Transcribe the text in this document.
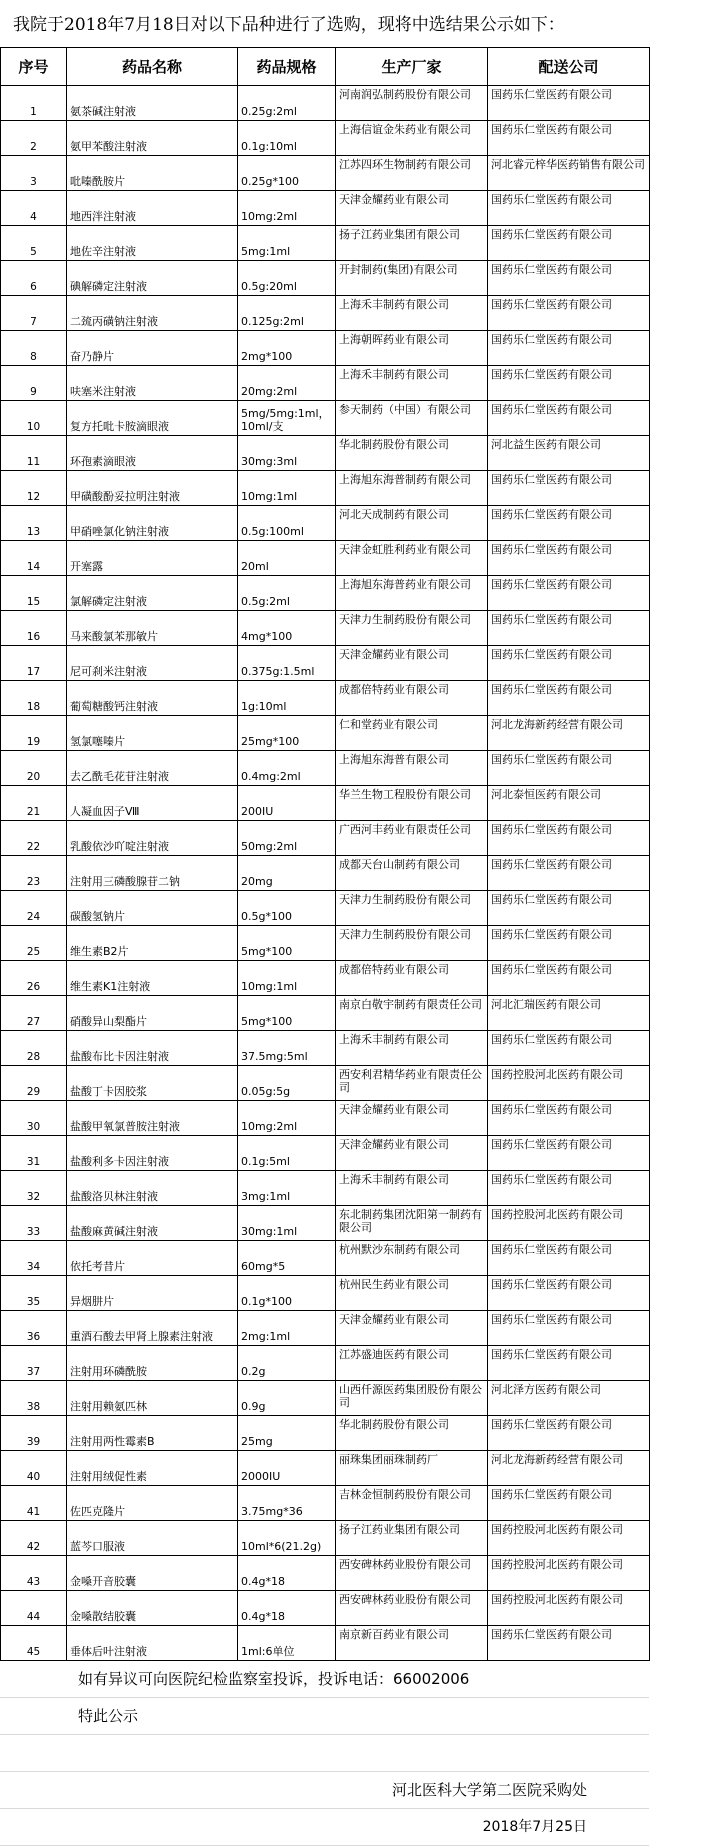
我院于2018年7月18日对以下品种进行了选购，现将中选结果公示如下：
序号	药品名称	药品规格	生产厂家	配送公司
1	氨茶碱注射液	0.25g:2ml	河南润弘制药股份有限公司	国药乐仁堂医药有限公司
2	氨甲苯酸注射液	0.1g:10ml	上海信谊金朱药业有限公司	国药乐仁堂医药有限公司
3	吡嗪酰胺片	0.25g*100	江苏四环生物制药有限公司	河北睿元梓华医药销售有限公司
4	地西泮注射液	10mg:2ml	天津金耀药业有限公司	国药乐仁堂医药有限公司
5	地佐辛注射液	5mg:1ml	扬子江药业集团有限公司	国药乐仁堂医药有限公司
6	碘解磷定注射液	0.5g:20ml	开封制药(集团)有限公司	国药乐仁堂医药有限公司
7	二巯丙磺钠注射液	0.125g:2ml	上海禾丰制药有限公司	国药乐仁堂医药有限公司
8	奋乃静片	2mg*100	上海朝晖药业有限公司	国药乐仁堂医药有限公司
9	呋塞米注射液	20mg:2ml	上海禾丰制药有限公司	国药乐仁堂医药有限公司
10	复方托吡卡胺滴眼液	5mg/5mg:1ml，10ml/支	参天制药（中国）有限公司	国药乐仁堂医药有限公司
11	环孢素滴眼液	30mg:3ml	华北制药股份有限公司	河北益生医药有限公司
12	甲磺酸酚妥拉明注射液	10mg:1ml	上海旭东海普制药有限公司	国药乐仁堂医药有限公司
13	甲硝唑氯化钠注射液	0.5g:100ml	河北天成制药有限公司	国药乐仁堂医药有限公司
14	开塞露	20ml	天津金虹胜利药业有限公司	国药乐仁堂医药有限公司
15	氯解磷定注射液	0.5g:2ml	上海旭东海普药业有限公司	国药乐仁堂医药有限公司
16	马来酸氯苯那敏片	4mg*100	天津力生制药股份有限公司	国药乐仁堂医药有限公司
17	尼可刹米注射液	0.375g:1.5ml	天津金耀药业有限公司	国药乐仁堂医药有限公司
18	葡萄糖酸钙注射液	1g:10ml	成都倍特药业有限公司	国药乐仁堂医药有限公司
19	氢氯噻嗪片	25mg*100	仁和堂药业有限公司	河北龙海新药经营有限公司
20	去乙酰毛花苷注射液	0.4mg:2ml	上海旭东海普有限公司	国药乐仁堂医药有限公司
21	人凝血因子Ⅷ	200IU	华兰生物工程股份有限公司	河北泰恒医药有限公司
22	乳酸依沙吖啶注射液	50mg:2ml	广西河丰药业有限责任公司	国药乐仁堂医药有限公司
23	注射用三磷酸腺苷二钠	20mg	成都天台山制药有限公司	国药乐仁堂医药有限公司
24	碳酸氢钠片	0.5g*100	天津力生制药股份有限公司	国药乐仁堂医药有限公司
25	维生素B2片	5mg*100	天津力生制药股份有限公司	国药乐仁堂医药有限公司
26	维生素K1注射液	10mg:1ml	成都倍特药业有限公司	国药乐仁堂医药有限公司
27	硝酸异山梨酯片	5mg*100	南京白敬宇制药有限责任公司	河北汇瑞医药有限公司
28	盐酸布比卡因注射液	37.5mg:5ml	上海禾丰制药有限公司	国药乐仁堂医药有限公司
29	盐酸丁卡因胶浆	0.05g:5g	西安利君精华药业有限责任公司	国药控股河北医药有限公司
30	盐酸甲氧氯普胺注射液	10mg:2ml	天津金耀药业有限公司	国药乐仁堂医药有限公司
31	盐酸利多卡因注射液	0.1g:5ml	天津金耀药业有限公司	国药乐仁堂医药有限公司
32	盐酸洛贝林注射液	3mg:1ml	上海禾丰制药有限公司	国药乐仁堂医药有限公司
33	盐酸麻黄碱注射液	30mg:1ml	东北制药集团沈阳第一制药有限公司	国药控股河北医药有限公司
34	依托考昔片	60mg*5	杭州默沙东制药有限公司	国药乐仁堂医药有限公司
35	异烟肼片	0.1g*100	杭州民生药业有限公司	国药乐仁堂医药有限公司
36	重酒石酸去甲肾上腺素注射液	2mg:1ml	天津金耀药业有限公司	国药乐仁堂医药有限公司
37	注射用环磷酰胺	0.2g	江苏盛迪医药有限公司	国药乐仁堂医药有限公司
38	注射用赖氨匹林	0.9g	山西仟源医药集团股份有限公司	河北泽方医药有限公司
39	注射用两性霉素B	25mg	华北制药股份有限公司	国药乐仁堂医药有限公司
40	注射用绒促性素	2000IU	丽珠集团丽珠制药厂	河北龙海新药经营有限公司
41	佐匹克隆片	3.75mg*36	吉林金恒制药股份有限公司	国药乐仁堂医药有限公司
42	蓝芩口服液	10ml*6(21.2g)	扬子江药业集团有限公司	国药控股河北医药有限公司
43	金嗓开音胶囊	0.4g*18	西安碑林药业股份有限公司	国药控股河北医药有限公司
44	金嗓散结胶囊	0.4g*18	西安碑林药业股份有限公司	国药控股河北医药有限公司
45	垂体后叶注射液	1ml:6单位	南京新百药业有限公司	国药乐仁堂医药有限公司
如有异议可向医院纪检监察室投诉，投诉电话：66002006
特此公示
河北医科大学第二医院采购处
2018年7月25日
